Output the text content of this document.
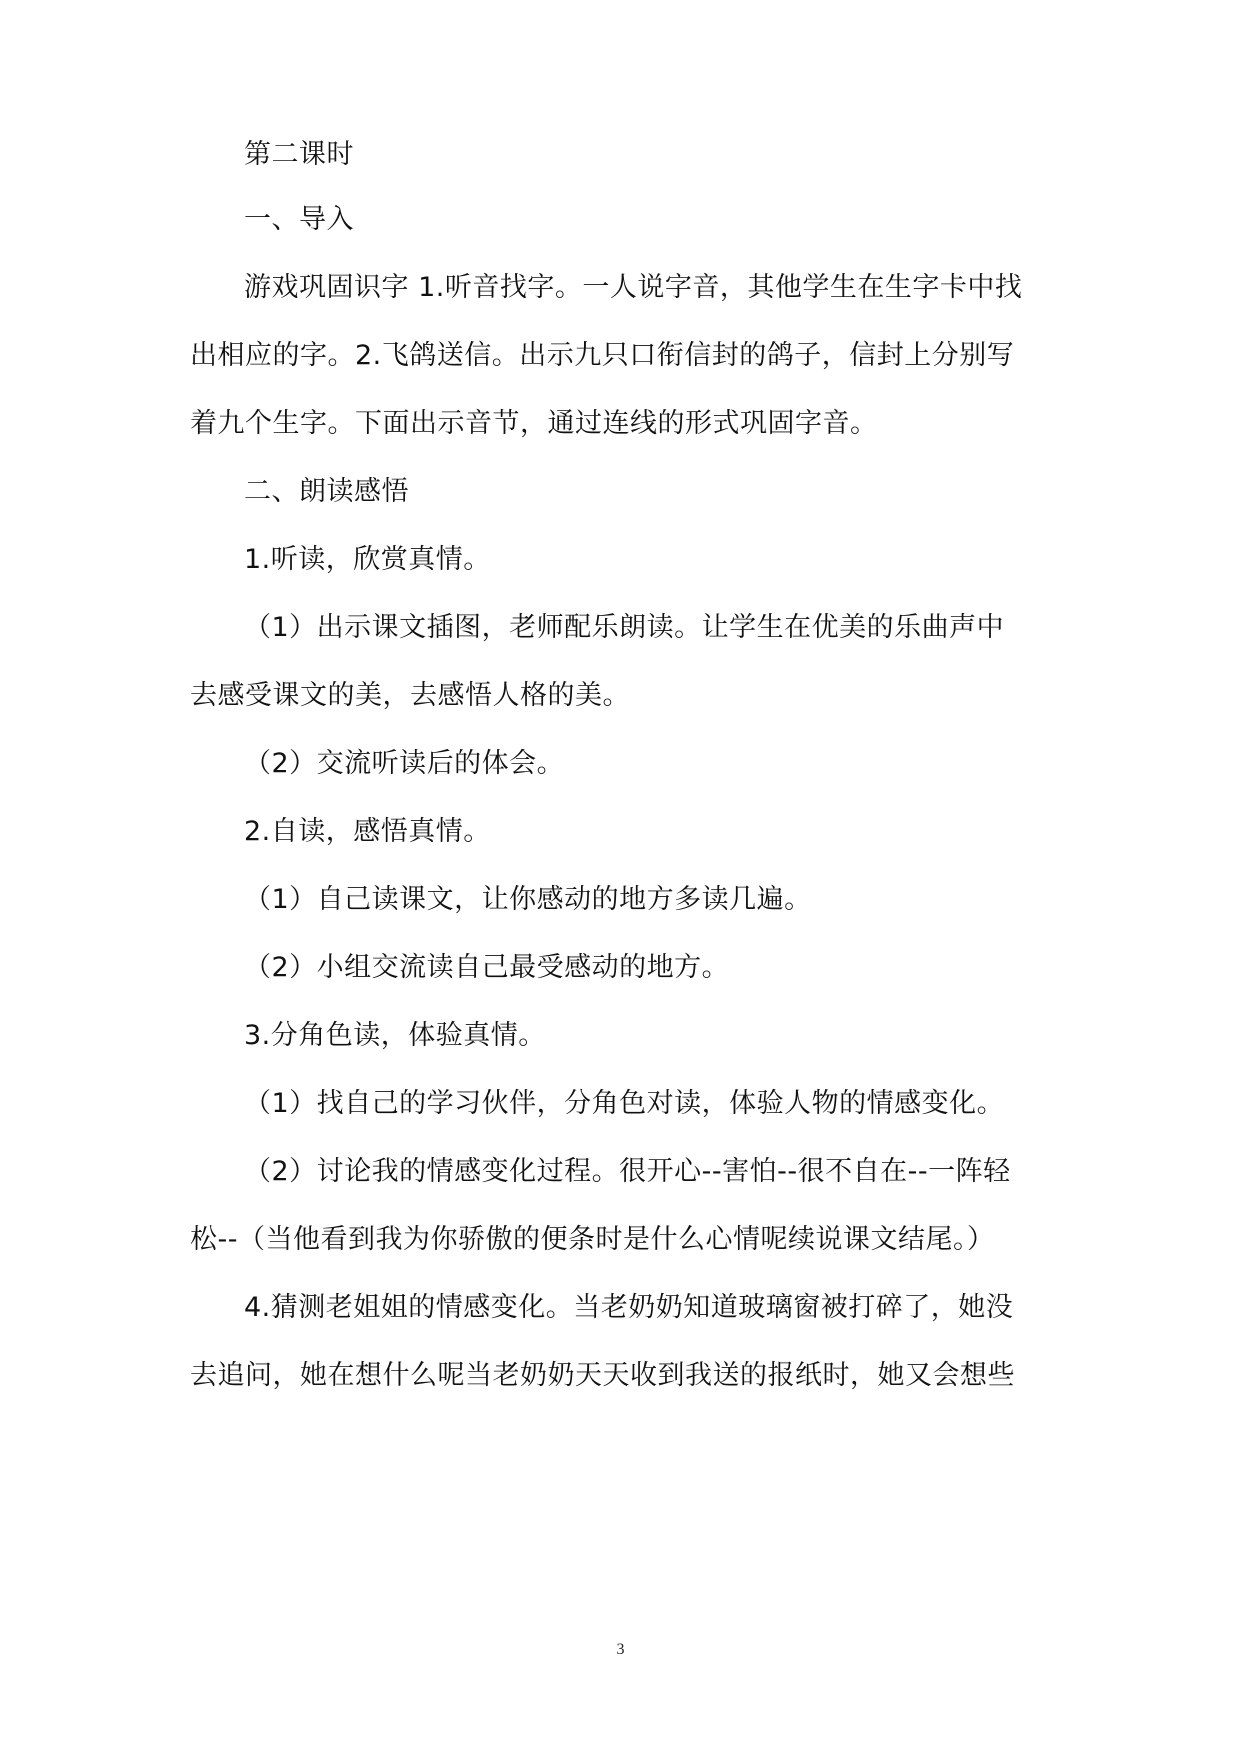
第二课时
一、导入
游戏巩固识字 1.听音找字。一人说字音，其他学生在生字卡中找
出相应的字。2.飞鸽送信。出示九只口衔信封的鸽子，信封上分别写
着九个生字。下面出示音节，通过连线的形式巩固字音。
二、朗读感悟
1.听读，欣赏真情。
（1）出示课文插图，老师配乐朗读。让学生在优美的乐曲声中
去感受课文的美，去感悟人格的美。
（2）交流听读后的体会。
2.自读，感悟真情。
（1）自己读课文，让你感动的地方多读几遍。
（2）小组交流读自己最受感动的地方。
3.分角色读，体验真情。
（1）找自己的学习伙伴，分角色对读，体验人物的情感变化。
（2）讨论我的情感变化过程。很开心--害怕--很不自在--一阵轻
松--（当他看到我为你骄傲的便条时是什么心情呢续说课文结尾。）
4.猜测老姐姐的情感变化。当老奶奶知道玻璃窗被打碎了，她没
去追问，她在想什么呢当老奶奶天天收到我送的报纸时，她又会想些
3
